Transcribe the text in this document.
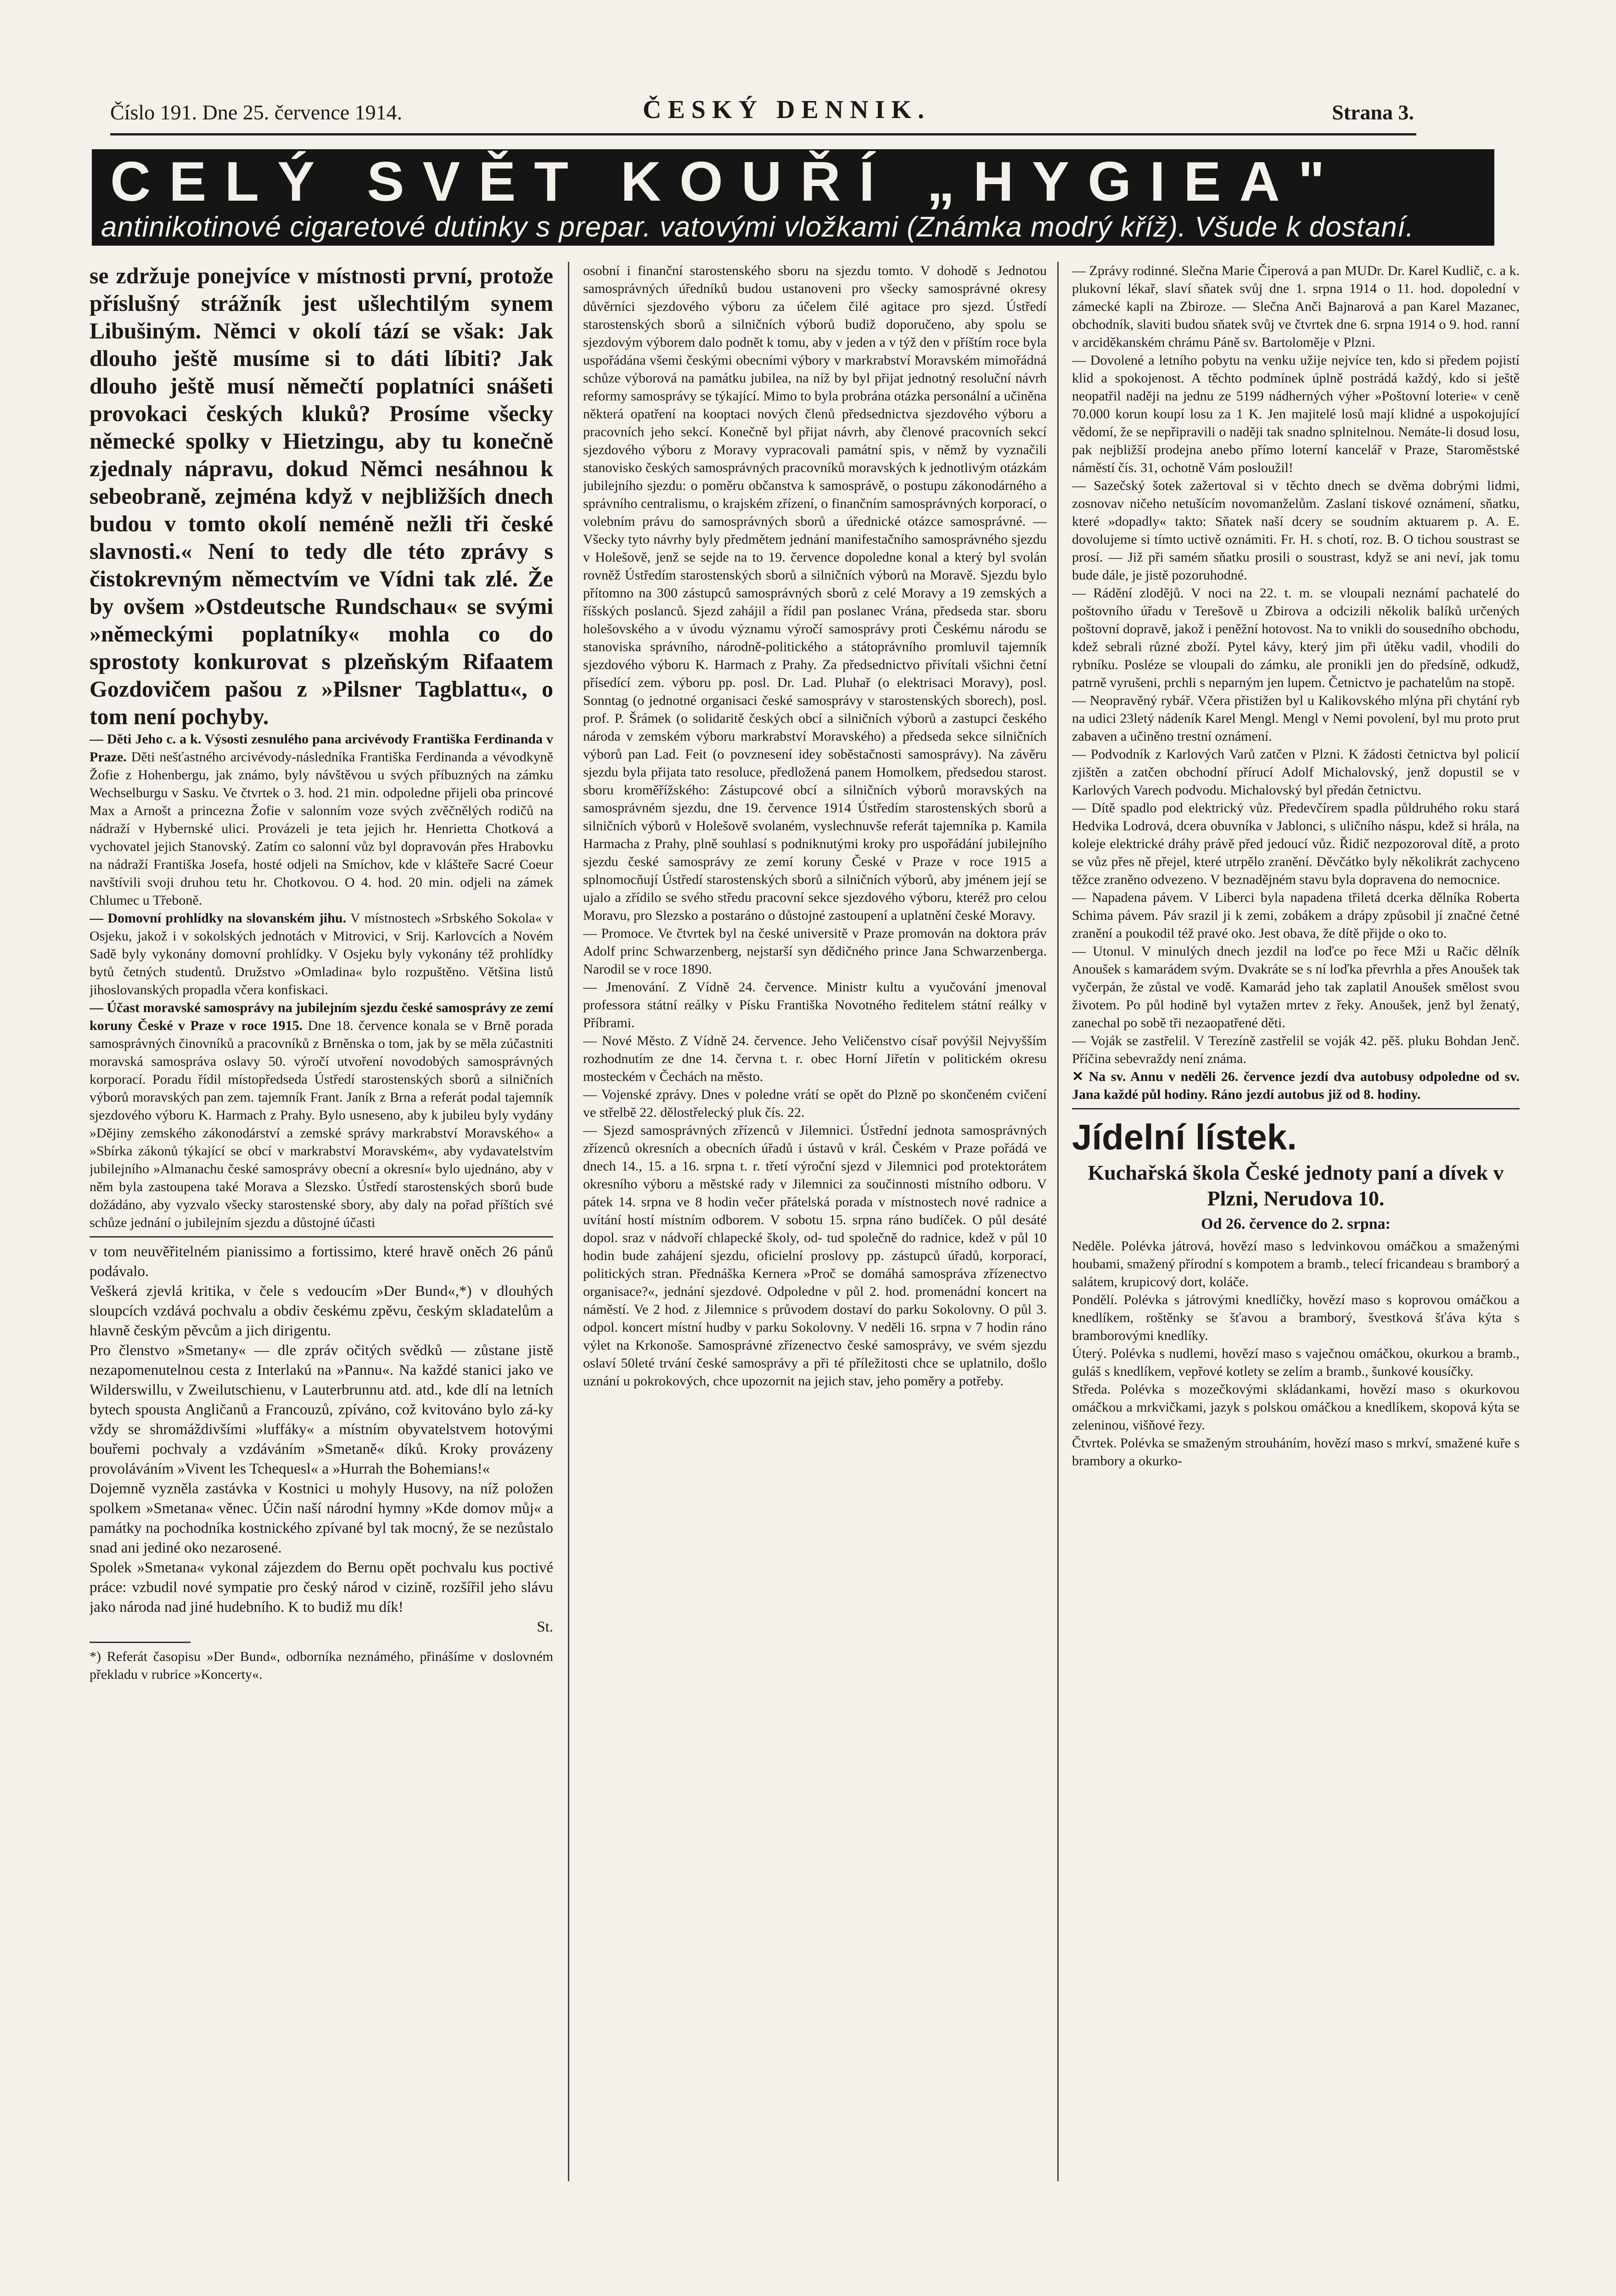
Číslo 191. Dne 25. července 1914.	ČESKÝ DENNIK.	Strana 3.
CELÝ SVĚT KOUŘÍ „HYGIEA"
antinikotinové cigaretové dutinky s prepar. vatovými vložkami (Známka modrý kříž). Všude k dostaní.

se zdržuje ponejvíce v místnosti první, protože příslušný strážník jest ušlechtilým synem Libušiným. Němci v okolí tází se však: Jak dlouho ještě musíme si to dáti líbiti? Jak dlouho ještě musí němečtí poplatníci snášeti provokaci českých kluků? Prosíme všecky německé spolky v Hietzingu, aby tu konečně zjednaly nápravu, dokud Němci nesáhnou k sebeobraně, zejména když v nejbližších dnech budou v tomto okolí neméně nežli tři české slavnosti.« Není to tedy dle této zprávy s čistokrevným němectvím ve Vídni tak zlé. Že by ovšem »Ostdeutsche Rundschau« se svými »německými poplatníky« mohla co do sprostoty konkurovat s plzeňským Rifaatem Gozdovičem pašou z »Pilsner Tagblattu«, o tom není pochyby.

— Děti Jeho c. a k. Výsosti zesnulého pana arcivévody Františka Ferdinanda v Praze. Děti nešťastného arcivévody-následníka Františka Ferdinanda a vévodkyně Žofie z Hohenbergu, jak známo, byly návštěvou u svých příbuzných na zámku Wechselburgu v Sasku. Ve čtvrtek o 3. hod. 21 min. odpoledne přijeli oba princové Max a Arnošt a princezna Žofie v salonním voze svých zvěčnělých rodičů na nádraží v Hybernské ulici. Provázeli je teta jejich hr. Henrietta Chotková a vychovatel jejich Stanovský. Zatím co salonní vůz byl dopravován přes Hrabovku na nádraží Františka Josefa, hosté odjeli na Smíchov, kde v klášteře Sacré Coeur navštívili svoji druhou tetu hr. Chotkovou. O 4. hod. 20 min. odjeli na zámek Chlumec u Třeboně.

— Domovní prohlídky na slovanském jihu. V místnostech »Srbského Sokola« v Osjeku, jakož i v sokolských jednotách v Mitrovici, v Srij. Karlovcích a Novém Sadě byly vykonány domovní prohlídky. V Osjeku byly vykonány též prohlídky bytů četných studentů. Družstvo »Omladina« bylo rozpuštěno. Většina listů jihoslovanských propadla včera konfiskaci.

— Účast moravské samosprávy na jubilejním sjezdu české samosprávy ze zemí koruny České v Praze v roce 1915. Dne 18. července konala se v Brně porada samosprávných činovníků a pracovníků z Brněnska o tom, jak by se měla zúčastniti moravská samospráva oslavy 50. výročí utvoření novodobých samosprávných korporací. Poradu řídil místopředseda Ústředí starostenských sborů a silničních výborů moravských pan zem. tajemník Frant. Janík z Brna a referát podal tajemník sjezdového výboru K. Harmach z Prahy. Bylo usneseno, aby k jubileu byly vydány »Dějiny zemského zákonodárství a zemské správy markrabství Moravského« a »Sbírka zákonů týkající se obcí v markrabství Moravském«, aby vydavatelstvím jubilejního »Almanachu české samosprávy obecní a okresní« bylo ujednáno, aby v něm byla zastoupena také Morava a Slezsko. Ústředí starostenských sborů bude dožádáno, aby vyzvalo všecky starostenské sbory, aby daly na pořad příštích své schůze jednání o jubilejním sjezdu a důstojné účasti

v tom neuvěřitelném pianissimo a fortissimo, které hravě oněch 26 pánů podávalo.

Veškerá zjevlá kritika, v čele s vedoucím »Der Bund«,*) v dlouhých sloupcích vzdává pochvalu a obdiv českému zpěvu, českým skladatelům a hlavně českým pěvcům a jich dirigentu.

Pro členstvo »Smetany« — dle zpráv očitých svědků — zůstane jistě nezapomenutelnou cesta z Interlakú na »Pannu«. Na každé stanici jako ve Wilderswillu, v Zweilutschienu, v Lauterbrunnu atd. atd., kde dlí na letních bytech spousta Angličanů a Francouzů, zpíváno, což kvitováno bylo zá-ky vždy se shromáždivšími »luffáky« a místním obyvatelstvem hotovými bouřemi pochvaly a vzdáváním »Smetaně« díků. Kroky provázeny provoláváním »Vivent les Tchequesl« a »Hurrah the Bohemians!«

Dojemně vyzněla zastávka v Kostnici u mohyly Husovy, na níž položen spolkem »Smetana« věnec. Účin naší národní hymny »Kde domov můj« a památky na pochodníka kostnického zpívané byl tak mocný, že se nezůstalo snad ani jediné oko nezarosené.

Spolek »Smetana« vykonal zájezdem do Bernu opět pochvalu kus poctivé práce: vzbudil nové sympatie pro český národ v cizině, rozšířil jeho slávu jako národa nad jiné hudebního. K to budiž mu dík!

St.

*) Referát časopisu »Der Bund«, odborníka neznámého, přinášíme v doslovném překladu v rubrice »Koncerty«.

osobní i finanční starostenského sboru na sjezdu tomto. V dohodě s Jednotou samosprávných úředníků budou ustanoveni pro všecky samosprávné okresy důvěrníci sjezdového výboru za účelem čilé agitace pro sjezd. Ústředí starostenských sborů a silničních výborů budiž doporučeno, aby spolu se sjezdovým výborem dalo podnět k tomu, aby v jeden a v týž den v příštím roce byla uspořádána všemi českými obecními výbory v markrabství Moravském mimořádná schůze výborová na památku jubilea, na níž by byl přijat jednotný resoluční návrh reformy samosprávy se týkající. Mimo to byla probrána otázka personální a učiněna některá opatření na kooptaci nových členů předsednictva sjezdového výboru a pracovních jeho sekcí. Konečně byl přijat návrh, aby členové pracovních sekcí sjezdového výboru z Moravy vypracovali památní spis, v němž by vyznačili stanovisko českých samosprávných pracovníků moravských k jednotlivým otázkám jubilejního sjezdu: o poměru občanstva k samosprávě, o postupu zákonodárného a správního centralismu, o krajském zřízení, o finančním samosprávných korporací, o volebním právu do samosprávných sborů a úřednické otázce samosprávné. — Všecky tyto návrhy byly předmětem jednání manifestačního samosprávného sjezdu v Holešově, jenž se sejde na to 19. července dopoledne konal a který byl svolán rovněž Ústředím starostenských sborů a silničních výborů na Moravě. Sjezdu bylo přítomno na 300 zástupců samosprávných sborů z celé Moravy a 19 zemských a říšských poslanců. Sjezd zahájil a řídil pan poslanec Vrána, předseda star. sboru holešovského a v úvodu významu výročí samosprávy proti Českému národu se stanoviska správního, národně-politického a státoprávního promluvil tajemník sjezdového výboru K. Harmach z Prahy. Za předsednictvo přivítali všichni četní přísedící zem. výboru pp. posl. Dr. Lad. Pluhař (o elektrisaci Moravy), posl. Sonntag (o jednotné organisaci české samosprávy v starostenských sborech), posl. prof. P. Šrámek (o solidaritě českých obcí a silničních výborů a zastupci českého národa v zemském výboru markrabství Moravského) a předseda sekce silničních výborů pan Lad. Feit (o povznesení idey soběstačnosti samosprávy). Na závěru sjezdu byla přijata tato resoluce, předložená panem Homolkem, předsedou starost. sboru kroměřížského: Zástupcové obcí a silničních výborů moravských na samosprávném sjezdu, dne 19. července 1914 Ústředím starostenských sborů a silničních výborů v Holešově svolaném, vyslechnuvše referát tajemníka p. Kamila Harmacha z Prahy, plně souhlasí s podniknutými kroky pro uspořádání jubilejního sjezdu české samosprávy ze zemí koruny České v Praze v roce 1915 a splnomocňují Ústředí starostenských sborů a silničních výborů, aby jménem její se ujalo a zřídilo se svého středu pracovní sekce sjezdového výboru, kteréž pro celou Moravu, pro Slezsko a postaráno o důstojné zastoupení a uplatnění české Moravy.

— Promoce. Ve čtvrtek byl na české universitě v Praze promován na doktora práv Adolf princ Schwarzenberg, nejstarší syn dědičného prince Jana Schwarzenberga. Narodil se v roce 1890.

— Jmenování. Z Vídně 24. července. Ministr kultu a vyučování jmenoval professora státní reálky v Písku Františka Novotného ředitelem státní reálky v Příbrami.

— Nové Město. Z Vídně 24. července. Jeho Veličenstvo císař povýšil Nejvyšším rozhodnutím ze dne 14. června t. r. obec Horní Jiřetín v politickém okresu mosteckém v Čechách na město.

— Vojenské zprávy. Dnes v poledne vrátí se opět do Plzně po skončeném cvičení ve střelbě 22. dělostřelecký pluk čís. 22.

— Sjezd samosprávných zřízenců v Jilemnici. Ústřední jednota samosprávných zřízenců okresních a obecních úřadů i ústavů v král. Českém v Praze pořádá ve dnech 14., 15. a 16. srpna t. r. třetí výroční sjezd v Jilemnici pod protektorátem okresního výboru a městské rady v Jilemnici za součinnosti místního odboru. V pátek 14. srpna ve 8 hodin večer přátelská porada v místnostech nové radnice a uvítání hostí místním odborem. V sobotu 15. srpna ráno budíček. O půl desáté dopol. sraz v nádvoří chlapecké školy, od- tud společně do radnice, kdež v půl 10 hodin bude zahájení sjezdu, oficielní proslovy pp. zástupců úřadů, korporací, politických stran. Přednáška Kernera »Proč se domáhá samospráva zřízenectvo organisace?«, jednání sjezdové. Odpoledne v půl 2. hod. promenádní koncert na náměstí. Ve 2 hod. z Jilemnice s průvodem dostaví do parku Sokolovny. O půl 3. odpol. koncert místní hudby v parku Sokolovny. V neděli 16. srpna v 7 hodin ráno výlet na Krkonoše. Samosprávné zřízenectvo české samosprávy, ve svém sjezdu oslaví 50leté trvání české samosprávy a při té příležitosti chce se uplatnilo, došlo uznání u pokrokových, chce upozornit na jejich stav, jeho poměry a potřeby.

— Zprávy rodinné. Slečna Marie Čiperová a pan MUDr. Dr. Karel Kudlič, c. a k. plukovní lékař, slaví sňatek svůj dne 1. srpna 1914 o 11. hod. dopolední v zámecké kapli na Zbiroze. — Slečna Anči Bajnarová a pan Karel Mazanec, obchodník, slaviti budou sňatek svůj ve čtvrtek dne 6. srpna 1914 o 9. hod. ranní v arciděkanském chrámu Páně sv. Bartoloměje v Plzni.

— Dovolené a letního pobytu na venku užije nejvíce ten, kdo si předem pojistí klid a spokojenost. A těchto podmínek úplně postrádá každý, kdo si ještě neopatřil naději na jednu ze 5199 nádherných výher »Poštovní loterie« v ceně 70.000 korun koupí losu za 1 K. Jen majitelé losů mají klidné a uspokojující vědomí, že se nepřipravili o naději tak snadno splnitelnou. Nemáte-li dosud losu, pak nejbližší prodejna anebo přímo loterní kancelář v Praze, Staroměstské náměstí čís. 31, ochotně Vám posloužil!

— Sazečský šotek zažertoval si v těchto dnech se dvěma dobrými lidmi, zosnovav ničeho netušícím novomanželům. Zaslaní tiskové oznámení, sňatku, které »dopadly« takto: Sňatek naší dcery se soudním aktuarem p. A. E. dovolujeme si tímto uctivě oznámiti. Fr. H. s chotí, roz. B. O tichou soustrast se prosí. — Již při samém sňatku prosili o soustrast, když se ani neví, jak tomu bude dále, je jistě pozoruhodné.

— Rádění zlodějů. V noci na 22. t. m. se vloupali neznámí pachatelé do poštovního úřadu v Terešově u Zbirova a odcizili několik balíků určených poštovní dopravě, jakož i peněžní hotovost. Na to vnikli do sousedního obchodu, kdež sebrali různé zboží. Pytel kávy, který jim při útěku vadil, vhodili do rybníku. Posléze se vloupali do zámku, ale pronikli jen do předsíně, odkudž, patrně vyrušeni, prchli s neparným jen lupem. Četnictvo je pachatelům na stopě.

— Neopravěný rybář. Včera přistižen byl u Kalikovského mlýna při chytání ryb na udici 23letý nádeník Karel Mengl. Mengl v Nemi povolení, byl mu proto prut zabaven a učiněno trestní oznámení.

— Podvodník z Karlových Varů zatčen v Plzni. K žádosti četnictva byl policií zjištěn a zatčen obchodní přírucí Adolf Michalovský, jenž dopustil se v Karlových Varech podvodu. Michalovský byl předán četnictvu.

— Dítě spadlo pod elektrický vůz. Předevčírem spadla půldruhého roku stará Hedvika Lodrová, dcera obuvníka v Jablonci, s uličního náspu, kdež si hrála, na koleje elektrické dráhy právě před jedoucí vůz. Řidič nezpozoroval dítě, a proto se vůz přes ně přejel, které utrpělo zranění. Děvčátko byly několikrát zachyceno těžce zraněno odvezeno. V beznadějném stavu byla dopravena do nemocnice.

— Napadena pávem. V Liberci byla napadena třiletá dcerka dělníka Roberta Schima pávem. Páv srazil ji k zemi, zobákem a drápy způsobil jí značné četné zranění a poukodil též pravé oko. Jest obava, že dítě přijde o oko to.

— Utonul. V minulých dnech jezdil na loďce po řece Mži u Račic dělník Anoušek s kamarádem svým. Dvakráte se s ní loďka převrhla a přes Anoušek tak vyčerpán, že zůstal ve vodě. Kamarád jeho tak zaplatil Anoušek smělost svou životem. Po půl hodině byl vytažen mrtev z řeky. Anoušek, jenž byl ženatý, zanechal po sobě tři nezaopatřené děti.

— Voják se zastřelil. V Terezíně zastřelil se voják 42. pěš. pluku Bohdan Jenč. Příčina sebevraždy není známa.

✕ Na sv. Annu v neděli 26. července jezdí dva autobusy odpoledne od sv. Jana každé půl hodiny. Ráno jezdí autobus již od 8. hodiny.

Jídelní lístek.

Kuchařská škola České jednoty paní a dívek v Plzni, Nerudova 10.

Od 26. července do 2. srpna:

Neděle. Polévka játrová, hovězí maso s ledvinkovou omáčkou a smaženými houbami, smažený přírodní s kompotem a bramb., telecí fricandeau s bramborý a salátem, krupicový dort, koláče.

Pondělí. Polévka s játrovými knedlíčky, hovězí maso s koprovou omáčkou a knedlíkem, roštěnky se šťavou a bramborý, švestková šťáva kýta s bramborovými knedlíky.

Úterý. Polévka s nudlemi, hovězí maso s vaječnou omáčkou, okurkou a bramb., guláš s knedlíkem, vepřové kotlety se zelím a bramb., šunkové kousíčky.

Středa. Polévka s mozečkovými skládankami, hovězí maso s okurkovou omáčkou a mrkvičkami, jazyk s polskou omáčkou a knedlíkem, skopová kýta se zeleninou, višňové řezy.

Čtvrtek. Polévka se smaženým strouháním, hovězí maso s mrkví, smažené kuře s brambory a okurko-
